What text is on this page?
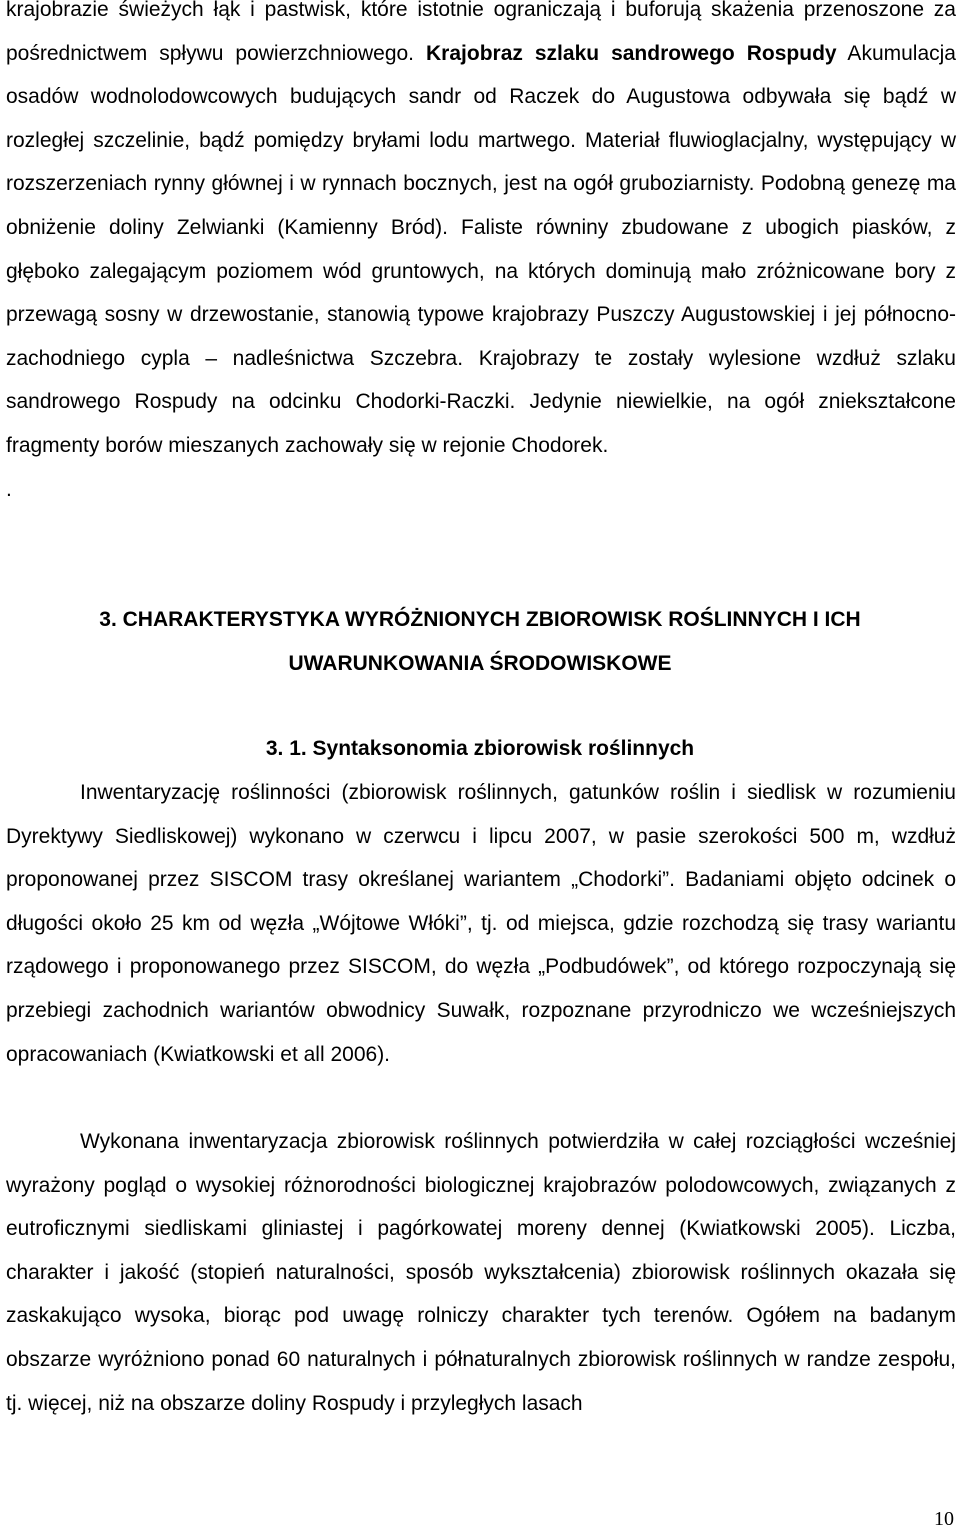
krajobrazie świeżych łąk i pastwisk, które istotnie ograniczają i buforują skażenia przenoszone za pośrednictwem spływu powierzchniowego. Krajobraz szlaku sandrowego Rospudy Akumulacja osadów wodnolodowcowych budujących sandr od Raczek do Augustowa odbywała się bądź w rozległej szczelinie, bądź pomiędzy bryłami lodu martwego. Materiał fluwioglacjalny, występujący w rozszerzeniach rynny głównej i w rynnach bocznych, jest na ogół gruboziarnisty. Podobną genezę ma obniżenie doliny Zelwianki (Kamienny Bród). Faliste równiny zbudowane z ubogich piasków, z głęboko zalegającym poziomem wód gruntowych, na których dominują mało zróżnicowane bory z przewagą sosny w drzewostanie, stanowią typowe krajobrazy Puszczy Augustowskiej i jej północno-zachodniego cypla – nadleśnictwa Szczebra. Krajobrazy te zostały wylesione wzdłuż szlaku sandrowego Rospudy na odcinku Chodorki-Raczki. Jedynie niewielkie, na ogół zniekształcone fragmenty borów mieszanych zachowały się w rejonie Chodorek.
.

3. CHARAKTERYSTYKA WYRÓŻNIONYCH ZBIOROWISK ROŚLINNYCH I ICH
UWARUNKOWANIA ŚRODOWISKOWE
3. 1. Syntaksonomia zbiorowisk roślinnych

Inwentaryzację roślinności (zbiorowisk roślinnych, gatunków roślin i siedlisk w rozumieniu Dyrektywy Siedliskowej) wykonano w czerwcu i lipcu 2007, w pasie szerokości 500 m, wzdłuż proponowanej przez SISCOM trasy określanej wariantem „Chodorki”. Badaniami objęto odcinek o długości około 25 km od węzła „Wójtowe Włóki”, tj. od miejsca, gdzie rozchodzą się trasy wariantu rządowego i proponowanego przez SISCOM, do węzła „Podbudówek”, od którego rozpoczynają się przebiegi zachodnich wariantów obwodnicy Suwałk, rozpoznane przyrodniczo we wcześniejszych opracowaniach (Kwiatkowski et all 2006).

Wykonana inwentaryzacja zbiorowisk roślinnych potwierdziła w całej rozciągłości wcześniej wyrażony pogląd o wysokiej różnorodności biologicznej krajobrazów polodowcowych, związanych z eutroficznymi siedliskami gliniastej i pagórkowatej moreny dennej (Kwiatkowski 2005). Liczba, charakter i jakość (stopień naturalności, sposób wykształcenia) zbiorowisk roślinnych okazała się zaskakująco wysoka, biorąc pod uwagę rolniczy charakter tych terenów. Ogółem na badanym obszarze wyróżniono ponad 60 naturalnych i półnaturalnych zbiorowisk roślinnych w randze zespołu, tj. więcej, niż na obszarze doliny Rospudy i przyległych lasach

10
